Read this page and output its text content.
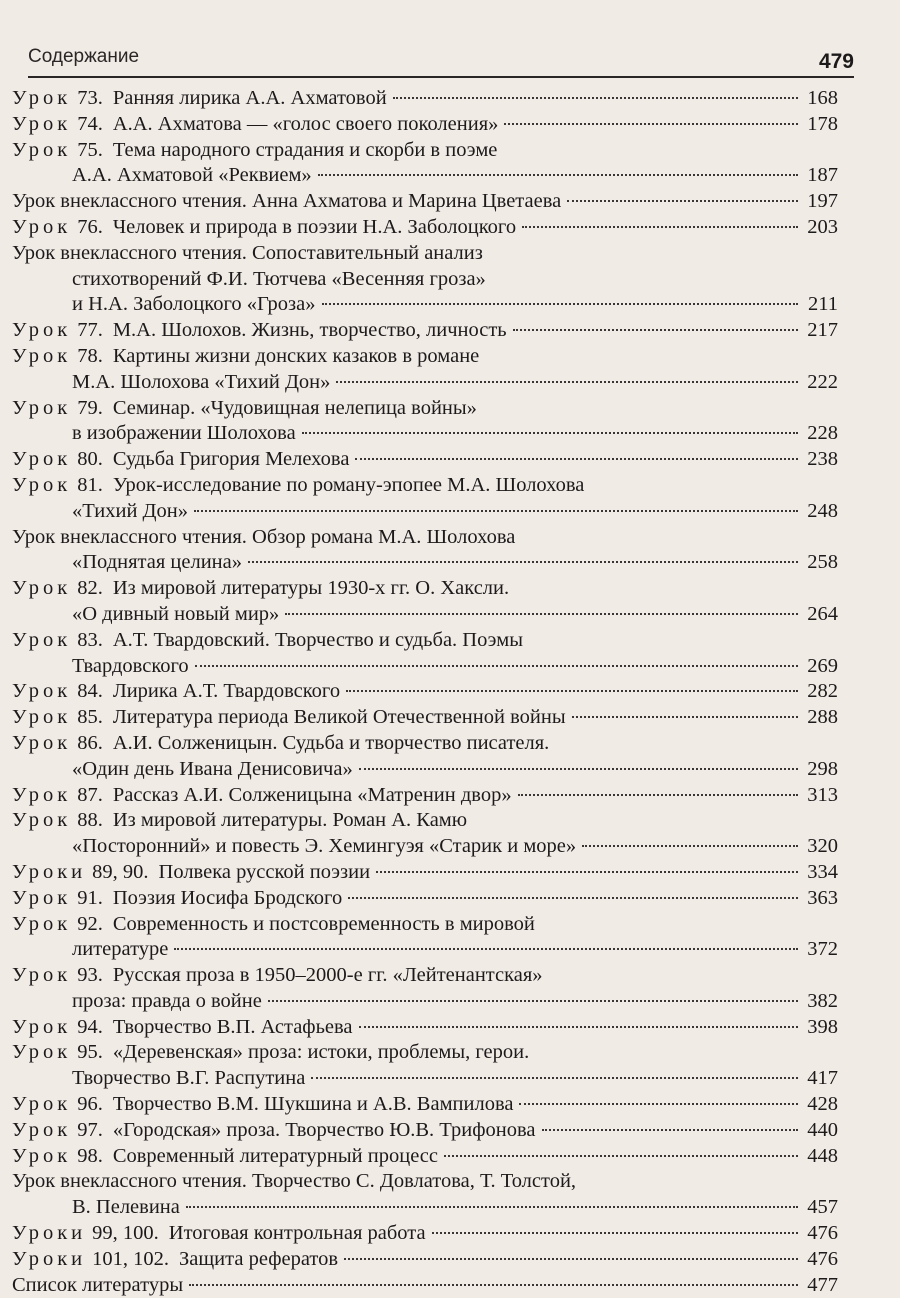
Содержание	479
Урок 73. Ранняя лирика А.А. Ахматовой	168
Урок 74. А.А. Ахматова — «голос своего поколения»	178
Урок 75. Тема народного страдания и скорби в поэме
А.А. Ахматовой «Реквием»	187
Урок внеклассного чтения. Анна Ахматова и Марина Цветаева	197
Урок 76. Человек и природа в поэзии Н.А. Заболоцкого	203
Урок внеклассного чтения. Сопоставительный анализ
стихотворений Ф.И. Тютчева «Весенняя гроза»
и Н.А. Заболоцкого «Гроза»	211
Урок 77. М.А. Шолохов. Жизнь, творчество, личность	217
Урок 78. Картины жизни донских казаков в романе
М.А. Шолохова «Тихий Дон»	222
Урок 79. Семинар. «Чудовищная нелепица войны»
в изображении Шолохова	228
Урок 80. Судьба Григория Мелехова	238
Урок 81. Урок-исследование по роману-эпопее М.А. Шолохова
«Тихий Дон»	248
Урок внеклассного чтения. Обзор романа М.А. Шолохова
«Поднятая целина»	258
Урок 82. Из мировой литературы 1930-х гг. О. Хаксли.
«О дивный новый мир»	264
Урок 83. А.Т. Твардовский. Творчество и судьба. Поэмы
Твардовского	269
Урок 84. Лирика А.Т. Твардовского	282
Урок 85. Литература периода Великой Отечественной войны	288
Урок 86. А.И. Солженицын. Судьба и творчество писателя.
«Один день Ивана Денисовича»	298
Урок 87. Рассказ А.И. Солженицына «Матренин двор»	313
Урок 88. Из мировой литературы. Роман А. Камю
«Посторонний» и повесть Э. Хемингуэя «Старик и море»	320
Уроки 89, 90. Полвека русской поэзии	334
Урок 91. Поэзия Иосифа Бродского	363
Урок 92. Современность и постсовременность в мировой
литературе	372
Урок 93. Русская проза в 1950–2000-е гг. «Лейтенантская»
проза: правда о войне	382
Урок 94. Творчество В.П. Астафьева	398
Урок 95. «Деревенская» проза: истоки, проблемы, герои.
Творчество В.Г. Распутина	417
Урок 96. Творчество В.М. Шукшина и А.В. Вампилова	428
Урок 97. «Городская» проза. Творчество Ю.В. Трифонова	440
Урок 98. Современный литературный процесс	448
Урок внеклассного чтения. Творчество С. Довлатова, Т. Толстой,
В. Пелевина	457
Уроки 99, 100. Итоговая контрольная работа	476
Уроки 101, 102. Защита рефератов	476
Список литературы	477
